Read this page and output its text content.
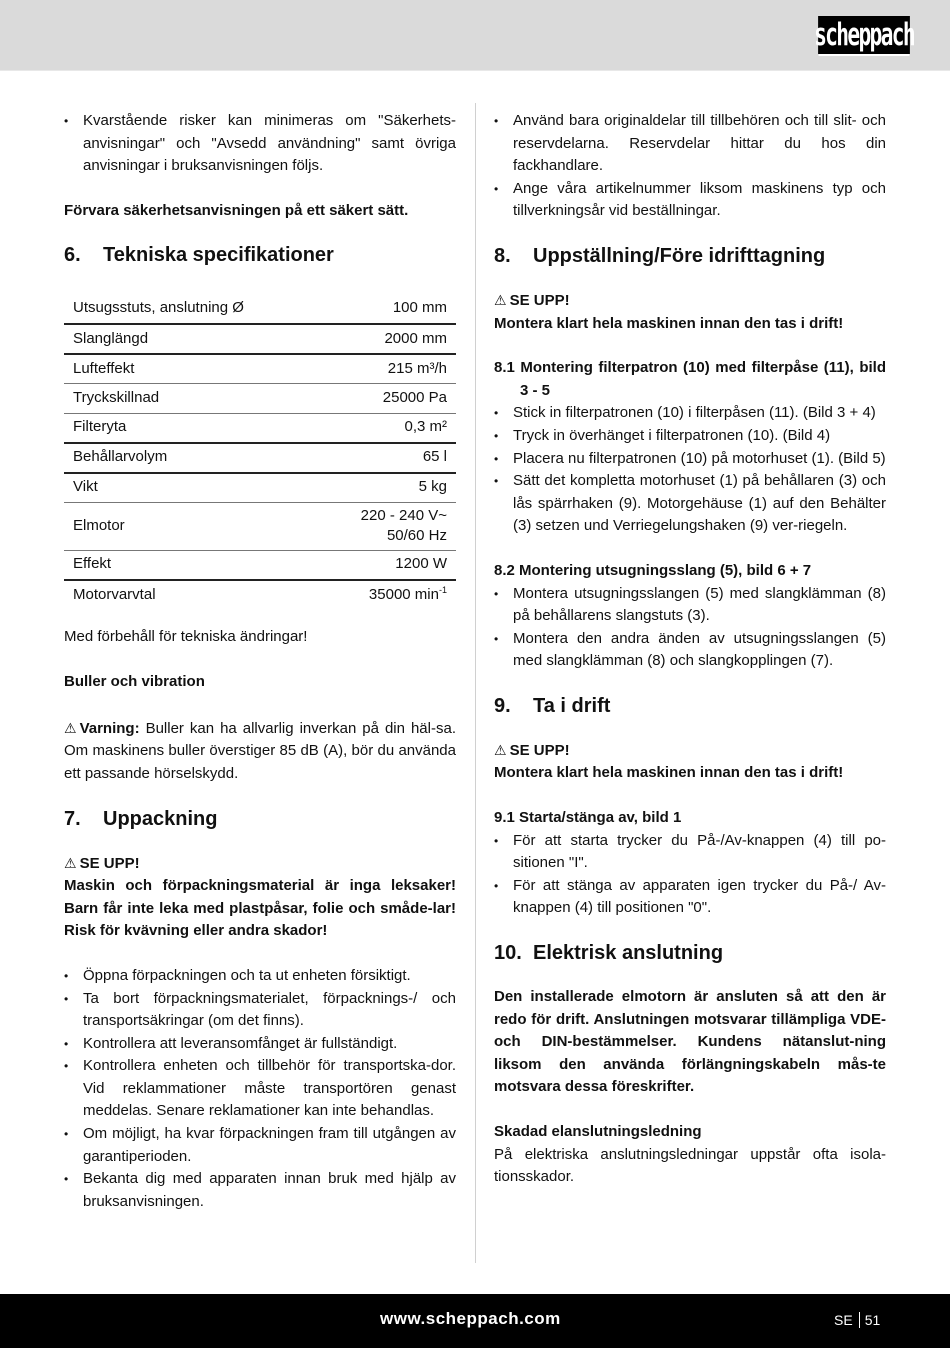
scheppach
• Kvarstående risker kan minimeras om "Säkerhets-anvisningar" och "Avsedd användning" samt övriga anvisningar i bruksanvisningen följs.
Förvara säkerhetsanvisningen på ett säkert sätt.
6.	Tekniska specifikationer
Utsugsstuts, anslutning Ø	100 mm
Slanglängd	2000 mm
Lufteffekt	215 m³/h
Tryckskillnad	25000 Pa
Filteryta	0,3 m²
Behållarvolym	65 l
Vikt	5 kg
Elmotor	220 - 240 V~
50/60 Hz
Effekt	1200 W
Motorvarvtal	35000 $\min^{-1}$
Med förbehåll för tekniska ändringar!
Buller och vibration
⚠ Varning: Buller kan ha allvarlig inverkan på din häl-sa. Om maskinens buller överstiger 85 dB (A), bör du använda ett passande hörselskydd.
7.	Uppackning
⚠ SE UPP!
Maskin och förpackningsmaterial är inga leksaker! Barn får inte leka med plastpåsar, folie och småde-lar! Risk för kvävning eller andra skador!
• Öppna förpackningen och ta ut enheten försiktigt.
• Ta bort förpackningsmaterialet, förpacknings-/ och transportsäkringar (om det finns).
• Kontrollera att leveransomfånget är fullständigt.
• Kontrollera enheten och tillbehör för transportska-dor. Vid reklammationer måste transportören genast meddelas. Senare reklamationer kan inte behandlas.
• Om möjligt, ha kvar förpackningen fram till utgången av garantiperioden.
• Bekanta dig med apparaten innan bruk med hjälp av bruksanvisningen.
• Använd bara originaldelar till tillbehören och till slit- och reservdelarna. Reservdelar hittar du hos din fackhandlare.
• Ange våra artikelnummer liksom maskinens typ och tillverkningsår vid beställningar.
8.	Uppställning/Före idrifttagning
⚠ SE UPP!
Montera klart hela maskinen innan den tas i drift!
8.1 Montering filterpatron (10) med filterpåse (11), bild 3 - 5
• Stick in filterpatronen (10) i filterpåsen (11). (Bild 3 + 4)
• Tryck in överhänget i filterpatronen (10). (Bild 4)
• Placera nu filterpatronen (10) på motorhuset (1). (Bild 5)
• Sätt det kompletta motorhuset (1) på behållaren (3) och lås spärrhaken (9). Motorgehäuse (1) auf den Behälter (3) setzen und Verriegelungshaken (9) ver-riegeln.
8.2 Montering utsugningsslang (5), bild 6 + 7
• Montera utsugningsslangen (5) med slangklämman (8) på behållarens slangstuts (3).
• Montera den andra änden av utsugningsslangen (5) med slangklämman (8) och slangkopplingen (7).
9.	Ta i drift
⚠ SE UPP!
Montera klart hela maskinen innan den tas i drift!
9.1 Starta/stänga av, bild 1
• För att starta trycker du På-/Av-knappen (4) till po-sitionen "I".
• För att stänga av apparaten igen trycker du På-/ Av-knappen (4) till positionen "0".
10. Elektrisk anslutning
Den installerade elmotorn är ansluten så att den är redo för drift. Anslutningen motsvarar tillämpliga VDE- och DIN-bestämmelser. Kundens nätanslut-ning liksom den använda förlängningskabeln mås-te motsvara dessa föreskrifter.
Skadad elanslutningsledning
På elektriska anslutningsledningar uppstår ofta isola-tionsskador.
www.scheppach.com	SE 51
